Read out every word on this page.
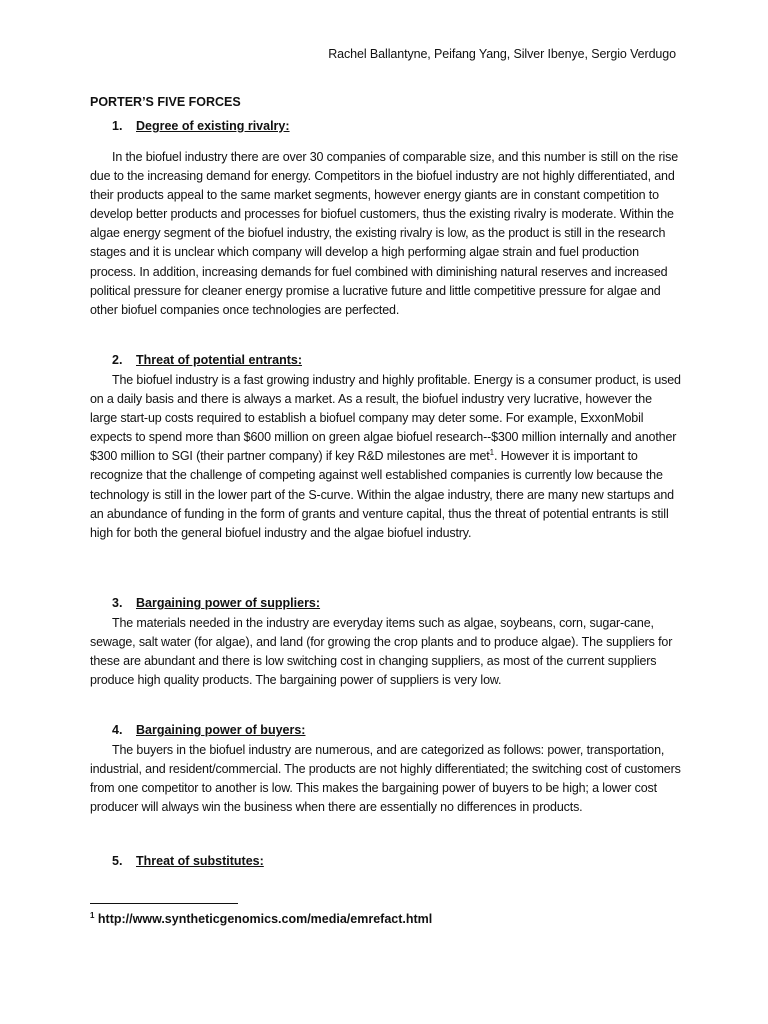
Rachel Ballantyne, Peifang Yang, Silver Ibenye, Sergio Verdugo
PORTER’S FIVE FORCES
1. Degree of existing rivalry:

In the biofuel industry there are over 30 companies of comparable size, and this number is still on the rise due to the increasing demand for energy. Competitors in the biofuel industry are not highly differentiated, and their products appeal to the same market segments, however energy giants are in constant competition to develop better products and processes for biofuel customers, thus the existing rivalry is moderate. Within the algae energy segment of the biofuel industry, the existing rivalry is low, as the product is still in the research stages and it is unclear which company will develop a high performing algae strain and fuel production process. In addition, increasing demands for fuel combined with diminishing natural reserves and increased political pressure for cleaner energy promise a lucrative future and little competitive pressure for algae and other biofuel companies once technologies are perfected.

2. Threat of potential entrants:

The biofuel industry is a fast growing industry and highly profitable. Energy is a consumer product, is used on a daily basis and there is always a market. As a result, the biofuel industry very lucrative, however the large start-up costs required to establish a biofuel company may deter some. For example, ExxonMobil expects to spend more than $600 million on green algae biofuel research--$300 million internally and another $300 million to SGI (their partner company) if key R&D milestones are met$^1$. However it is important to recognize that the challenge of competing against well established companies is currently low because the technology is still in the lower part of the S-curve. Within the algae industry, there are many new startups and an abundance of funding in the form of grants and venture capital, thus the threat of potential entrants is still high for both the general biofuel industry and the algae biofuel industry.

3. Bargaining power of suppliers:

The materials needed in the industry are everyday items such as algae, soybeans, corn, sugar-cane, sewage, salt water (for algae), and land (for growing the crop plants and to produce algae). The suppliers for these are abundant and there is low switching cost in changing suppliers, as most of the current suppliers produce high quality products. The bargaining power of suppliers is very low.

4. Bargaining power of buyers:

The buyers in the biofuel industry are numerous, and are categorized as follows: power, transportation, industrial, and resident/commercial. The products are not highly differentiated; the switching cost of customers from one competitor to another is low. This makes the bargaining power of buyers to be high; a lower cost producer will always win the business when there are essentially no differences in products.

5. Threat of substitutes:
$^1$ http://www.syntheticgenomics.com/media/emrefact.html
